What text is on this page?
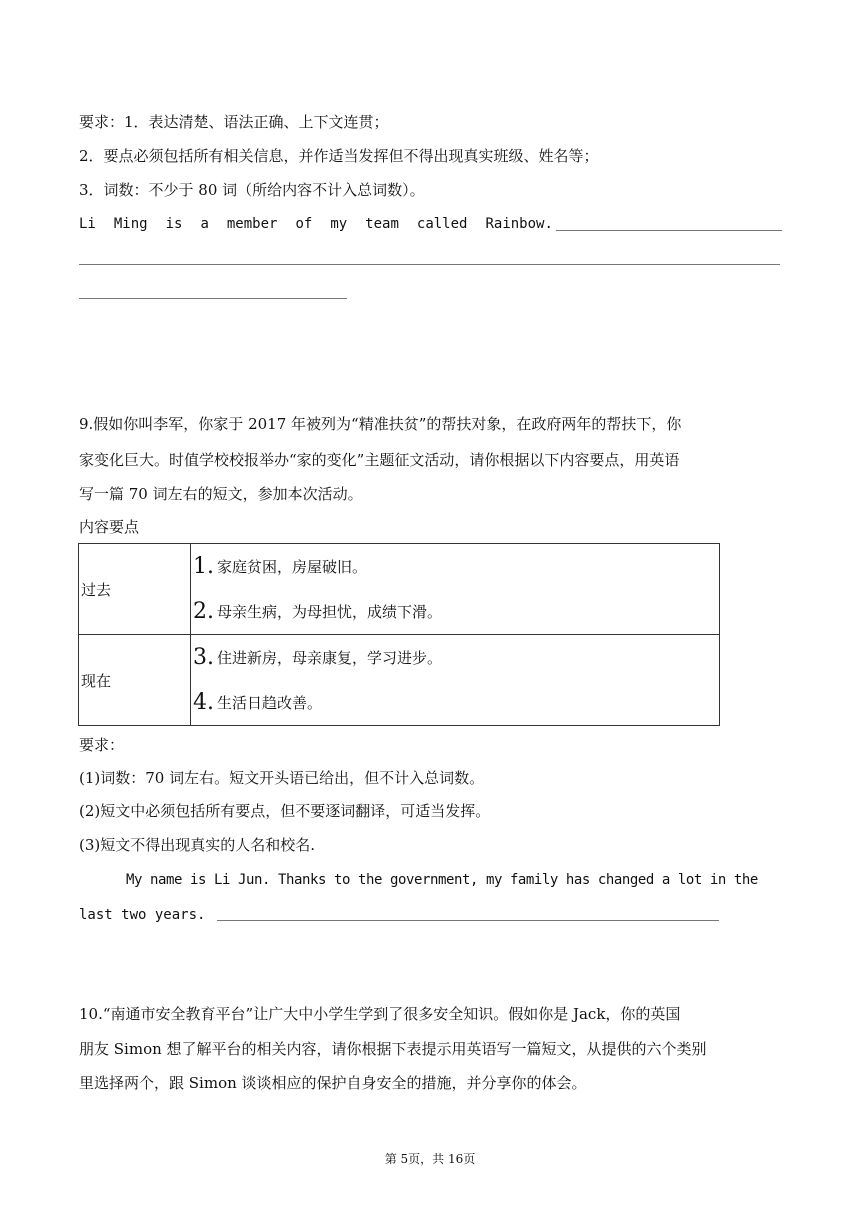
要求：1．表达清楚、语法正确、上下文连贯；
2．要点必须包括所有相关信息，并作适当发挥但不得出现真实班级、姓名等；
3．词数：不少于 80 词（所给内容不计入总词数）。
Li Ming is a member of my team called Rainbow.
9.假如你叫李军，你家于 2017 年被列为“精准扶贫”的帮扶对象，在政府两年的帮扶下，你
家变化巨大。时值学校校报举办“家的变化”主题征文活动，请你根据以下内容要点，用英语
写一篇 70 词左右的短文，参加本次活动。
内容要点
过去	1. 家庭贫困，房屋破旧。
2. 母亲生病，为母担忧，成绩下滑。

现在	3. 住进新房，母亲康复，学习进步。
4. 生活日趋改善。
要求：
(1)词数：70 词左右。短文开头语已给出，但不计入总词数。
(2)短文中必须包括所有要点，但不要逐词翻译，可适当发挥。
(3)短文不得出现真实的人名和校名.
My name is Li Jun. Thanks to the government, my family has changed a lot in the
last two years.
10.“南通市安全教育平台”让广大中小学生学到了很多安全知识。假如你是 Jack，你的英国
朋友 Simon 想了解平台的相关内容，请你根据下表提示用英语写一篇短文，从提供的六个类别
里选择两个，跟 Simon 谈谈相应的保护自身安全的措施，并分享你的体会。
第 5页，共 16页
